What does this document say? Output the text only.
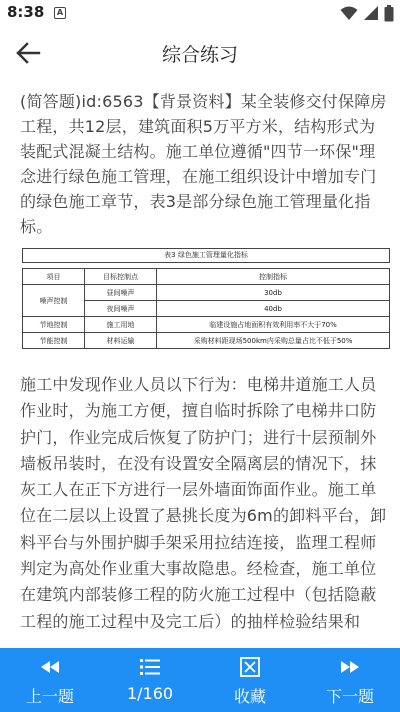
8:38	A
综合练习
(简答题)id:6563【背景资料】某全装修交付保障房工程，共12层，建筑面积5万平方米，结构形式为装配式混凝土结构。施工单位遵循"四节一环保"理念进行绿色施工管理，在施工组织设计中增加专门的绿色施工章节，表3是部分绿色施工管理量化指标。
表3 绿色施工管理量化指标
项目	目标控制点	控制指标
噪声控制	昼间噪声	30db
	夜间噪声	40db
节地控制	施工用地	临建设施占地面积有效利用率不大于70%
节能控制	材料运输	采购材料距现场500km内采购总量占比不低于50%
施工中发现作业人员以下行为：电梯井道施工人员作业时，为施工方便，擅自临时拆除了电梯井口防护门，作业完成后恢复了防护门；进行十层预制外墙板吊装时，在没有设置安全隔离层的情况下，抹灰工人在正下方进行一层外墙面饰面作业。施工单位在二层以上设置了悬挑长度为6m的卸料平台，卸料平台与外围护脚手架采用拉结连接，监理工程师判定为高处作业重大事故隐患。经检查，施工单位在建筑内部装修工程的防火施工过程中（包括隐蔽工程的施工过程中及完工后）的抽样检验结果和
上一题	1/160	收藏	下一题
